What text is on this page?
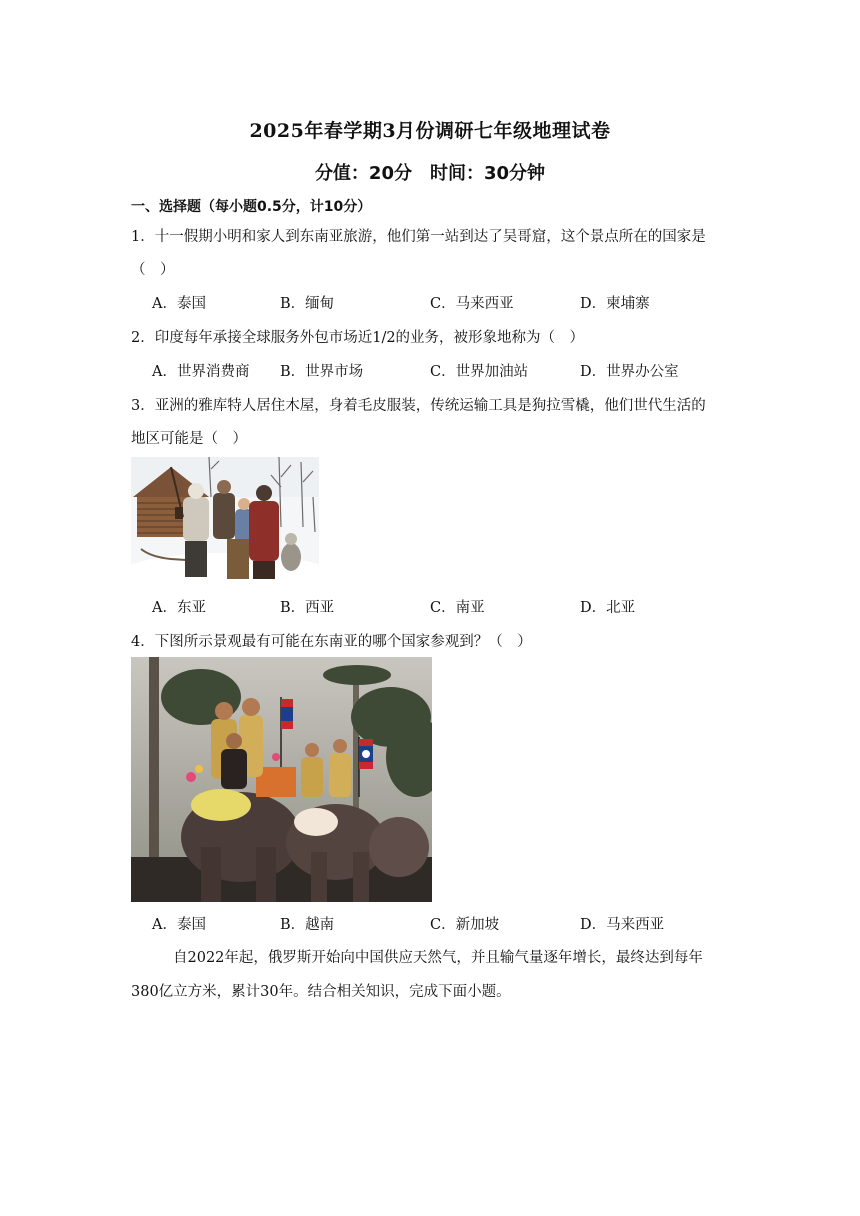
2025年春学期3月份调研七年级地理试卷
分值：20分　时间：30分钟
一、选择题（每小题0.5分，计10分）
1．十一假期小明和家人到东南亚旅游，他们第一站到达了吴哥窟，这个景点所在的国家是
（　）
A．泰国	B．缅甸	C．马来西亚	D．柬埔寨
2．印度每年承接全球服务外包市场近1/2的业务，被形象地称为（　）
A．世界消费商 B．世界市场	C．世界加油站	D．世界办公室
3．亚洲的雅库特人居住木屋，身着毛皮服装，传统运输工具是狗拉雪橇，他们世代生活的
地区可能是（　）
A．东亚	B．西亚	C．南亚	D．北亚
4．下图所示景观最有可能在东南亚的哪个国家参观到？（　）
A．泰国	B．越南	C．新加坡	D．马来西亚
自2022年起，俄罗斯开始向中国供应天然气，并且输气量逐年增长，最终达到每年
380亿立方米，累计30年。结合相关知识，完成下面小题。
